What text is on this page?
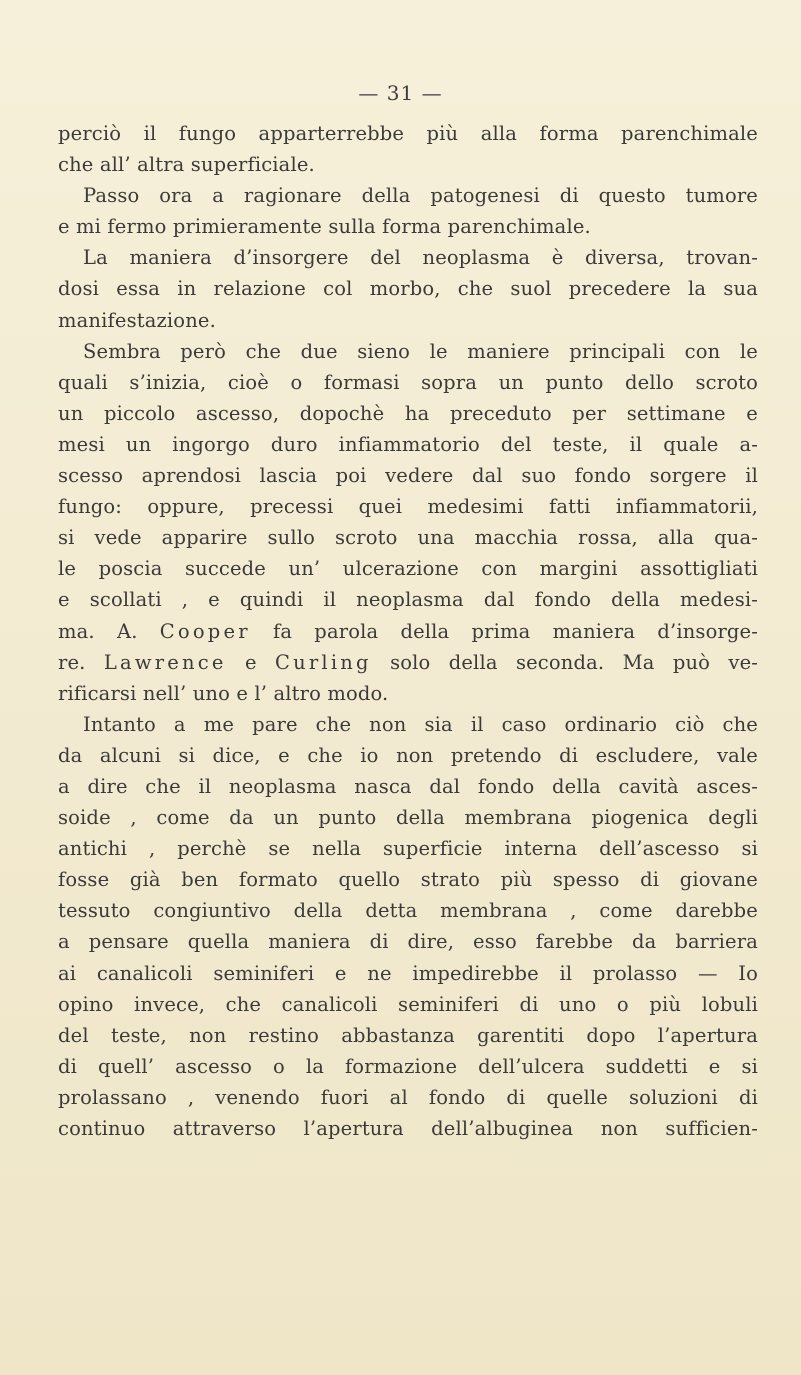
— 31 —

perciò il fungo apparterrebbe più alla forma parenchimale
che all’ altra superficiale.
Passo ora a ragionare della patogenesi di questo tumore
e mi fermo primieramente sulla forma parenchimale.
La maniera d’insorgere del neoplasma è diversa, trovan-
dosi essa in relazione col morbo, che suol precedere la sua
manifestazione.
Sembra però che due sieno le maniere principali con le
quali s’inizia, cioè o formasi sopra un punto dello scroto
un piccolo ascesso, dopochè ha preceduto per settimane e
mesi un ingorgo duro infiammatorio del teste, il quale a-
scesso aprendosi lascia poi vedere dal suo fondo sorgere il
fungo: oppure, precessi quei medesimi fatti infiammatorii,
si vede apparire sullo scroto una macchia rossa, alla qua-
le poscia succede un’ ulcerazione con margini assottigliati
e scollati , e quindi il neoplasma dal fondo della medesi-
ma. A. Cooper fa parola della prima maniera d’insorge-
re. Lawrence e Curling solo della seconda. Ma può ve-
rificarsi nell’ uno e l’ altro modo.
Intanto a me pare che non sia il caso ordinario ciò che
da alcuni si dice, e che io non pretendo di escludere, vale
a dire che il neoplasma nasca dal fondo della cavità asces-
soide , come da un punto della membrana piogenica degli
antichi , perchè se nella superficie interna dell’ascesso si
fosse già ben formato quello strato più spesso di giovane
tessuto congiuntivo della detta membrana , come darebbe
a pensare quella maniera di dire, esso farebbe da barriera
ai canalicoli seminiferi e ne impedirebbe il prolasso — Io
opino invece, che canalicoli seminiferi di uno o più lobuli
del teste, non restino abbastanza garentiti dopo l’apertura
di quell’ ascesso o la formazione dell’ulcera suddetti e si
prolassano , venendo fuori al fondo di quelle soluzioni di
continuo attraverso l’apertura dell’albuginea non sufficien-
